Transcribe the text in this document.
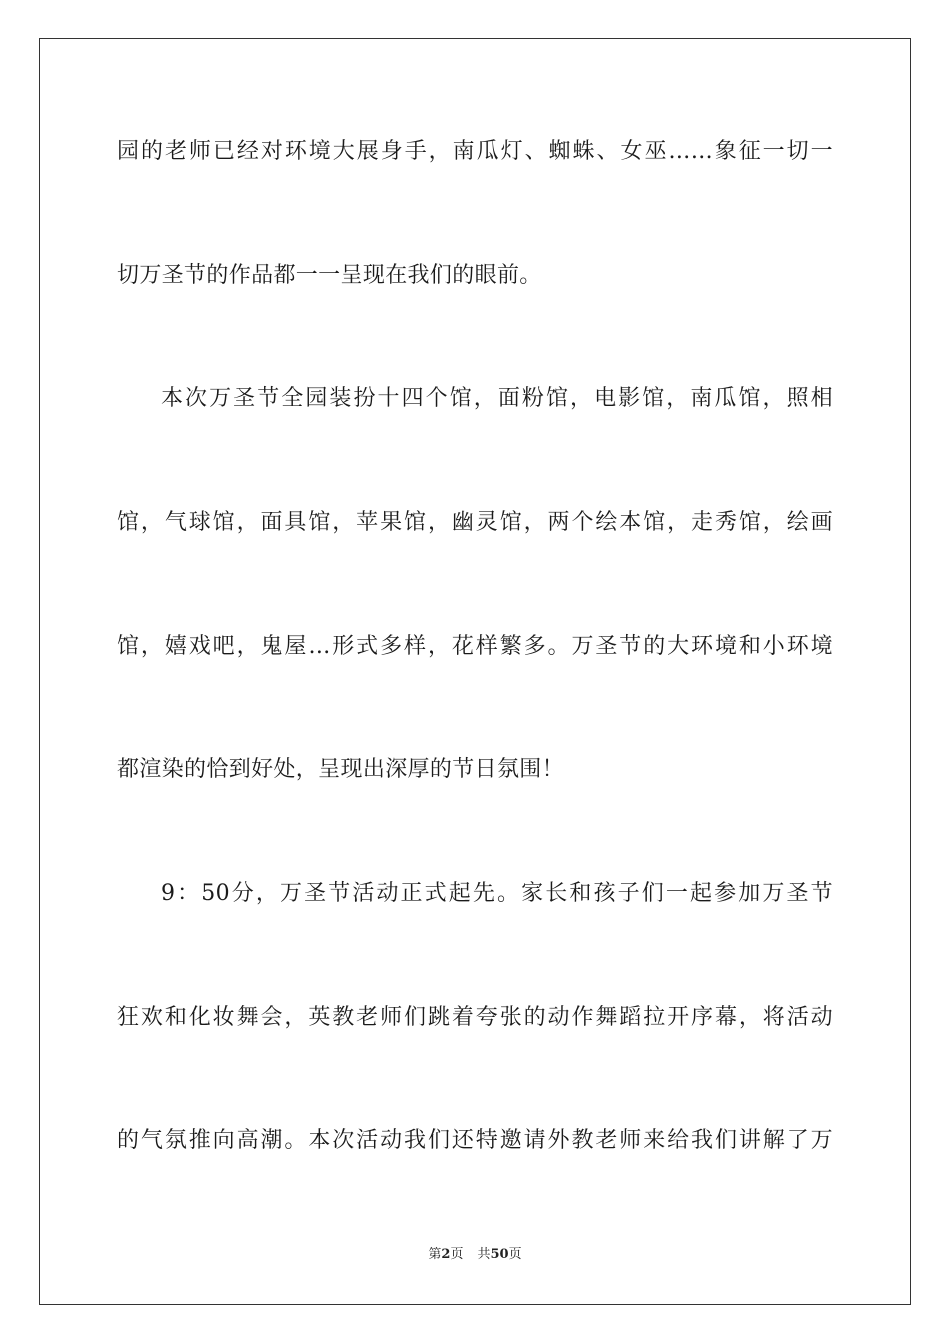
园的老师已经对环境大展身手，南瓜灯、蜘蛛、女巫……象征一切一
切万圣节的作品都一一呈现在我们的眼前。
本次万圣节全园装扮十四个馆，面粉馆，电影馆，南瓜馆，照相
馆，气球馆，面具馆，苹果馆，幽灵馆，两个绘本馆，走秀馆，绘画
馆，嬉戏吧，鬼屋…形式多样，花样繁多。万圣节的大环境和小环境
都渲染的恰到好处，呈现出深厚的节日氛围！
9：50分，万圣节活动正式起先。家长和孩子们一起参加万圣节
狂欢和化妆舞会，英教老师们跳着夸张的动作舞蹈拉开序幕，将活动
的气氛推向高潮。本次活动我们还特邀请外教老师来给我们讲解了万
第2页 共50页
